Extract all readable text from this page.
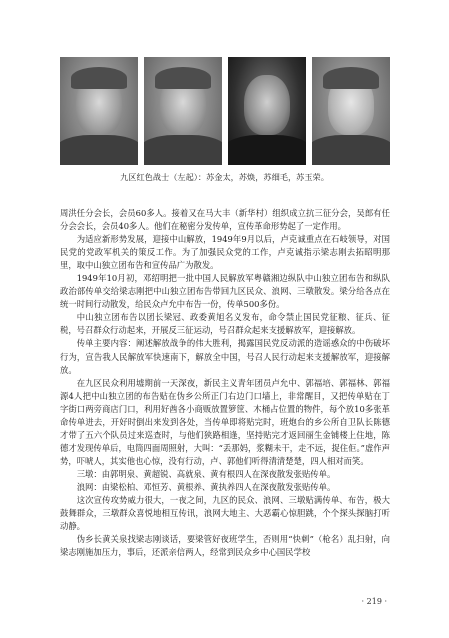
九区红色战士（左起）：苏金太，苏焕，苏细毛，苏玉荣。

周洪任分会长，会员60多人。接着又在马大丰（新华村）组织成立抗三征分会，吴郎有任分会会长，会员40多人。他们在秘密分发传单，宣传革命形势起了一定作用。

为适应新形势发展，迎接中山解放，1949年9月以后，卢克诚重点在石岐领导，对国民党的党政军机关的策反工作。为了加强民众党的工作，卢克诚指示梁志刚去拓昭明那里，取中山独立团布告和宣传品广为散发。

1949年10月初，邓绍明把一批中国人民解放军粤赣湘边纵队中山独立团布告和纵队政治部传单交给梁志刚把中山独立团布告带回九区民众、浪网、三墩散发。梁分给各点在统一时间行动散发，给民众卢允中布告一份，传单500多份。

中山独立团布告以团长梁冠、政委黄旭名义发布，命令禁止国民党征粮、征兵、征税，号召群众行动起来，开展反三征运动，号召群众起来支援解放军，迎接解放。

传单主要内容：阐述解放战争的伟大胜利，揭露国民党反动派的造谣惑众的中伤破坏行为，宣告我人民解放军快速南下，解放全中国，号召人民行动起来支援解放军，迎接解放。

在九区民众利用墟期前一天深夜，新民主义青年团员卢允中、郭福培、郭福林、郭福源4人把中山独立团的布告贴在伪乡公所正门右边门口墙上，非常醒目，又把传单贴在丁字街口两旁商店门口，利用好酋各小商贩放置箩筐、木桶占位置的物件，每个放10多张革命传单进去，开好时倒出来发到各处，当传单即将贴完时，班炮台的乡公所自卫队长陈德才带了五六个队员过来巡查时，与他们狭路相逢，坚持贴完才返回丽生金铺楼上住地，陈德才发现传单后，电筒四面周照射，大叫：“丢那妈，浆糊未干，走不远，捉住佢。”虚作声势，吓唬人，其实他也心惊，没有行动，卢、郭他们听得清清楚楚，四人相对而笑。

三墩：由郭明泉、黄超锐、高就泉、黄有根四人在深夜散发张贴传单。

浪网：由梁松柏、邓恒芳、黄根养、黄执养四人在深夜散发张贴传单。

这次宣传攻势威力很大，一夜之间，九区的民众、浪网、三墩贴满传单、布告，极大鼓舞群众，三墩群众喜悦地相互传讯，浪网大地主、大恶霸心惊胆跳，个个探头探脑打听动静。

伪乡长黄关泉找梁志刚谈话，要梁管好夜班学生，否则用“快刺”（枪名）乱扫射，向梁志刚施加压力，事后，还派亲信两人，经常到民众乡中心国民学校

· 219 ·
